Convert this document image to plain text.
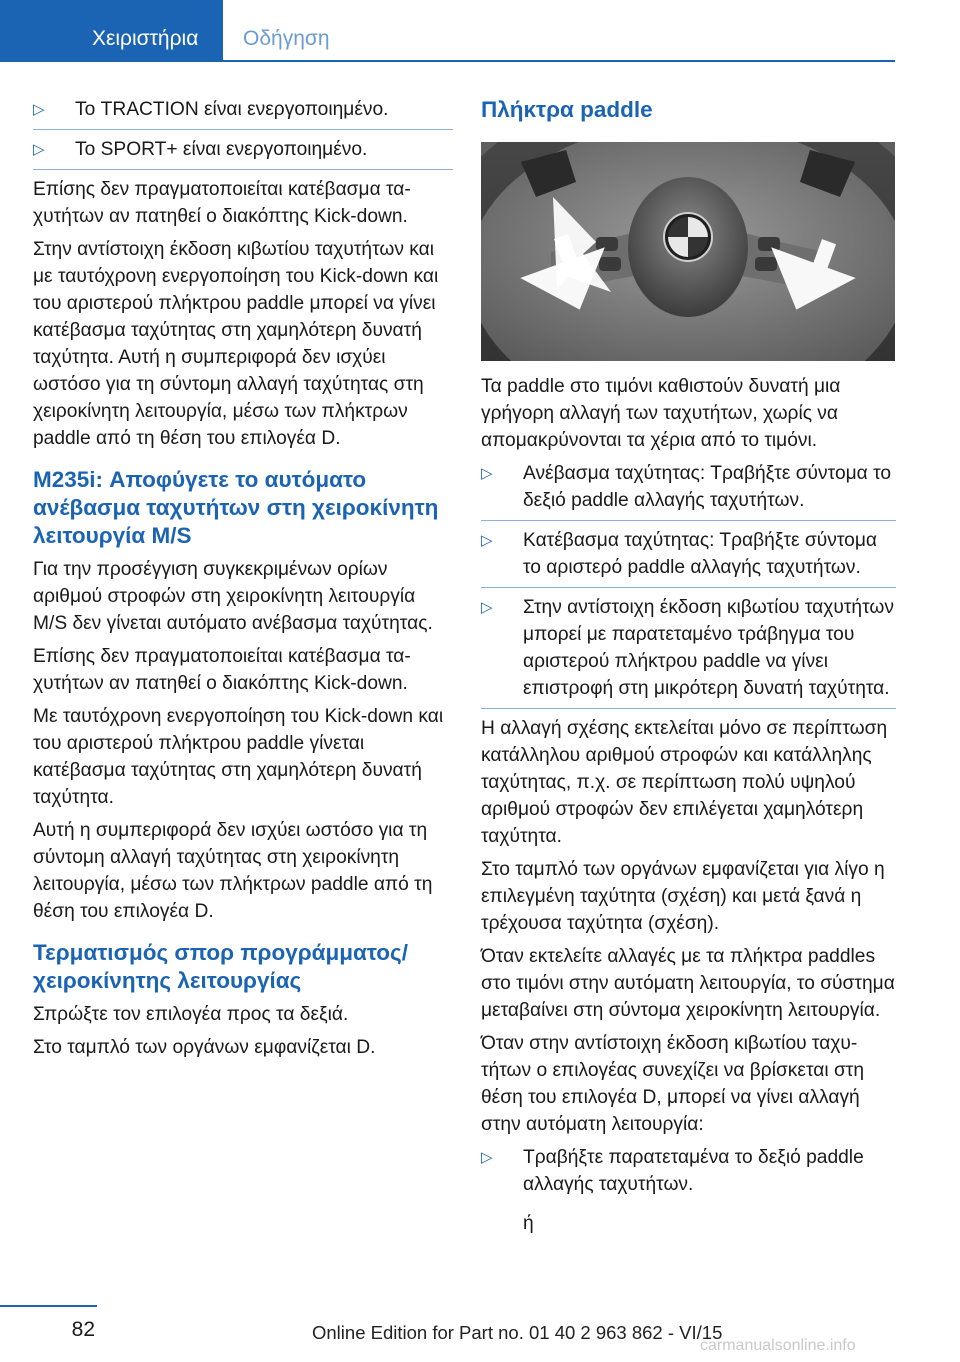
Χειριστήρια	Οδήγηση
▷ Το TRACTION είναι ενεργοποιημένο.
▷ Το SPORT+ είναι ενεργοποιημένο.

Επίσης δεν πραγματοποιείται κατέβασμα ταχυτήτων αν πατηθεί ο διακόπτης Kick-down.

Στην αντίστοιχη έκδοση κιβωτίου ταχυτήτων και με ταυτόχρονη ενεργοποίηση του Kick-down και του αριστερού πλήκτρου paddle μπορεί να γίνει κατέβασμα ταχύτητας στη χαμηλότερη δυνατή ταχύτητα. Αυτή η συμπεριφορά δεν ισχύει ωστόσο για τη σύντομη αλλαγή ταχύτητας στη χειροκίνητη λειτουργία, μέσω των πλήκτρων paddle από τη θέση του επιλογέα D.

M235i: Αποφύγετε το αυτόματο ανέβασμα ταχυτήτων στη χειροκίνητη λειτουργία M/S

Για την προσέγγιση συγκεκριμένων ορίων αριθμού στροφών στη χειροκίνητη λειτουργία M/S δεν γίνεται αυτόματο ανέβασμα ταχύτητας.

Επίσης δεν πραγματοποιείται κατέβασμα ταχυτήτων αν πατηθεί ο διακόπτης Kick-down.

Με ταυτόχρονη ενεργοποίηση του Kick-down και του αριστερού πλήκτρου paddle γίνεται κατέβασμα ταχύτητας στη χαμηλότερη δυνατή ταχύτητα.

Αυτή η συμπεριφορά δεν ισχύει ωστόσο για τη σύντομη αλλαγή ταχύτητας στη χειροκίνητη λειτουργία, μέσω των πλήκτρων paddle από τη θέση του επιλογέα D.

Τερματισμός σπορ προγράμματος/ χειροκίνητης λειτουργίας

Σπρώξτε τον επιλογέα προς τα δεξιά.

Στο ταμπλό των οργάνων εμφανίζεται D.

Πλήκτρα paddle

Τα paddle στο τιμόνι καθιστούν δυνατή μια γρήγορη αλλαγή των ταχυτήτων, χωρίς να απομακρύνονται τα χέρια από το τιμόνι.

▷ Ανέβασμα ταχύτητας: Τραβήξτε σύντομα το δεξιό paddle αλλαγής ταχυτήτων.
▷ Κατέβασμα ταχύτητας: Τραβήξτε σύντομα το αριστερό paddle αλλαγής ταχυτήτων.
▷ Στην αντίστοιχη έκδοση κιβωτίου ταχυτήτων μπορεί με παρατεταμένο τράβηγμα του αριστερού πλήκτρου paddle να γίνει επιστροφή στη μικρότερη δυνατή ταχύτητα.

Η αλλαγή σχέσης εκτελείται μόνο σε περίπτωση κατάλληλου αριθμού στροφών και κατάλληλης ταχύτητας, π.χ. σε περίπτωση πολύ υψηλού αριθμού στροφών δεν επιλέγεται χαμηλότερη ταχύτητα.

Στο ταμπλό των οργάνων εμφανίζεται για λίγο η επιλεγμένη ταχύτητα (σχέση) και μετά ξανά η τρέχουσα ταχύτητα (σχέση).

Όταν εκτελείτε αλλαγές με τα πλήκτρα paddles στο τιμόνι στην αυτόματη λειτουργία, το σύστημα μεταβαίνει στη σύντομα χειροκίνητη λειτουργία.

Όταν στην αντίστοιχη έκδοση κιβωτίου ταχυτήτων ο επιλογέας συνεχίζει να βρίσκεται στη θέση του επιλογέα D, μπορεί να γίνει αλλαγή στην αυτόματη λειτουργία:

▷ Τραβήξτε παρατεταμένα το δεξιό paddle αλλαγής ταχυτήτων.
ή
82	Online Edition for Part no. 01 40 2 963 862 - VI/15
carmanualsonline.info
